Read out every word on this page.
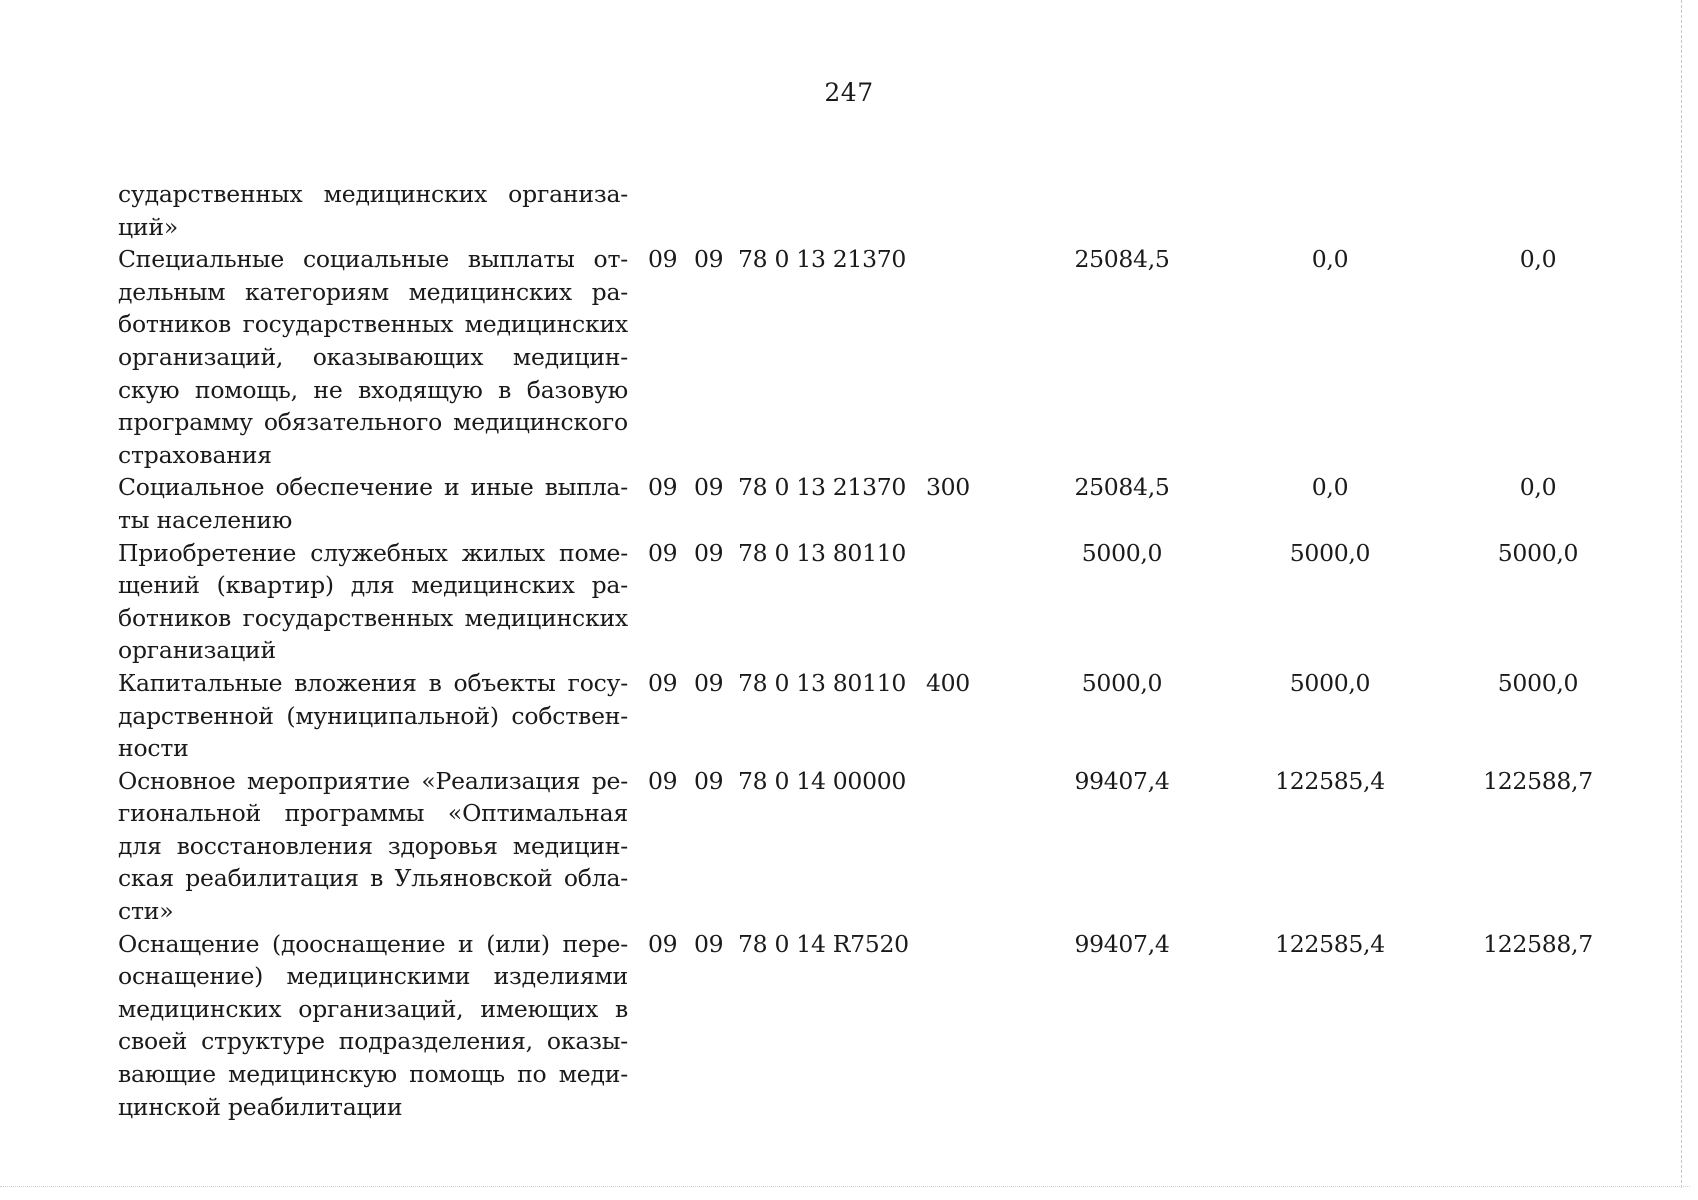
247
сударственных медицинских организа-ций»
Специальные социальные выплаты от-дельным категориям медицинских ра-ботников государственных медицинских организаций, оказывающих медицин-скую помощь, не входящую в базовую программу обязательного медицинского страхования
09 09 78 0 13 21370	25084,5	0,0	0,0
Социальное обеспечение и иные выпла-ты населению
09 09 78 0 13 21370 300	25084,5	0,0	0,0
Приобретение служебных жилых поме-щений (квартир) для медицинских ра-ботников государственных медицинских организаций
09 09 78 0 13 80110	5000,0	5000,0	5000,0
Капитальные вложения в объекты госу-дарственной (муниципальной) собствен-ности
09 09 78 0 13 80110 400	5000,0	5000,0	5000,0
Основное мероприятие «Реализация ре-гиональной программы «Оптимальная для восстановления здоровья медицин-ская реабилитация в Ульяновской обла-сти»
09 09 78 0 14 00000	99407,4	122585,4	122588,7
Оснащение (дооснащение и (или) пере-оснащение) медицинскими изделиями медицинских организаций, имеющих в своей структуре подразделения, оказы-вающие медицинскую помощь по меди-цинской реабилитации
09 09 78 0 14 R7520	99407,4	122585,4	122588,7
